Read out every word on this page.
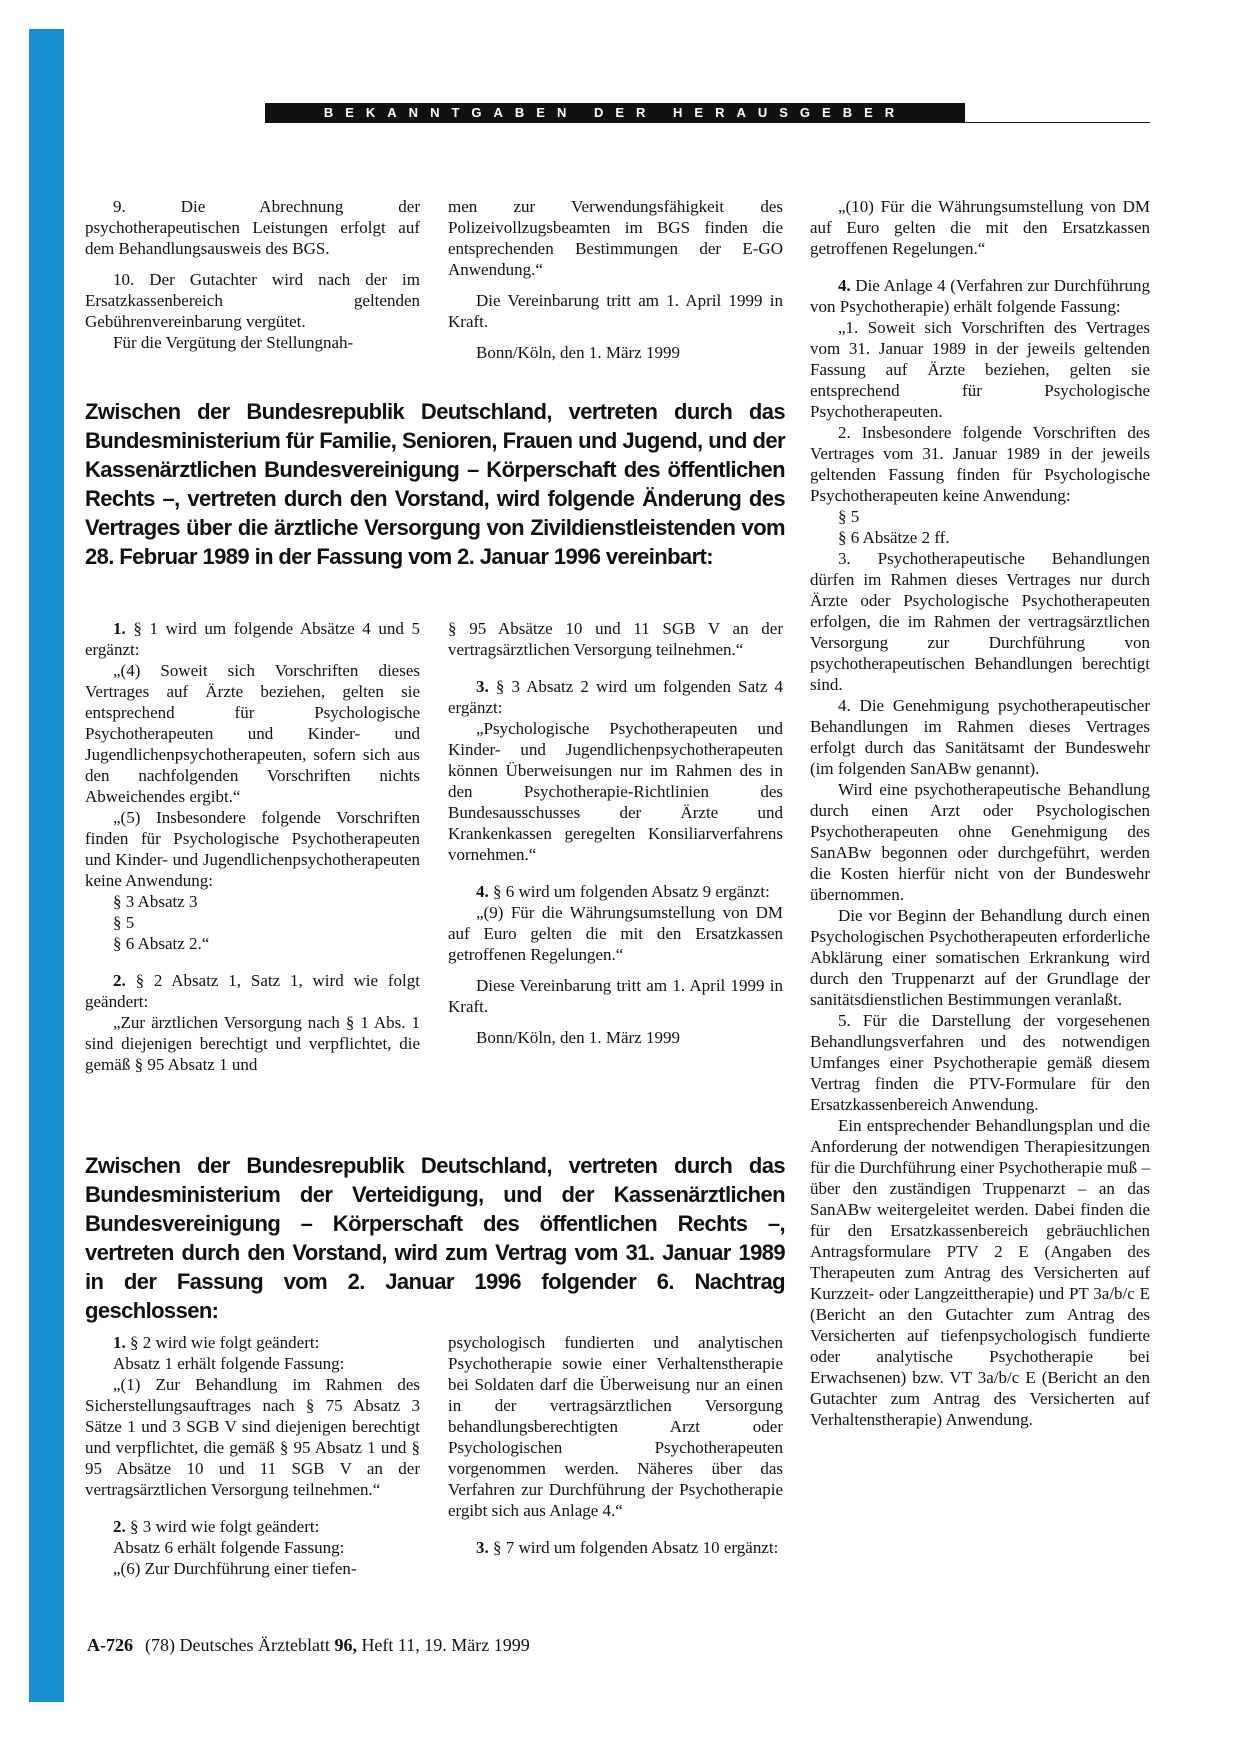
BEKANNTGABEN DER HERAUSGEBER

9. Die Abrechnung der psychotherapeutischen Leistungen erfolgt auf dem Behandlungsausweis des BGS.

10. Der Gutachter wird nach der im Ersatzkassenbereich geltenden Gebührenvereinbarung vergütet.

Für die Vergütung der Stellungnah-

men zur Verwendungsfähigkeit des Polizeivollzugsbeamten im BGS finden die entsprechenden Bestimmungen der E-GO Anwendung.“

Die Vereinbarung tritt am 1. April 1999 in Kraft.

Bonn/Köln, den 1. März 1999

Zwischen der Bundesrepublik Deutschland, vertreten durch das Bundesministerium für Familie, Senioren, Frauen und Jugend, und der Kassenärztlichen Bundesvereinigung – Körperschaft des öffentlichen Rechts –, vertreten durch den Vorstand, wird folgende Änderung des Vertrages über die ärztliche Versorgung von Zivildienstleistenden vom 28. Februar 1989 in der Fassung vom 2. Januar 1996 vereinbart:

1. § 1 wird um folgende Absätze 4 und 5 ergänzt:

„(4) Soweit sich Vorschriften dieses Vertrages auf Ärzte beziehen, gelten sie entsprechend für Psychologische Psychotherapeuten und Kinder- und Jugendlichenpsychotherapeuten, sofern sich aus den nachfolgenden Vorschriften nichts Abweichendes ergibt.“

„(5) Insbesondere folgende Vorschriften finden für Psychologische Psychotherapeuten und Kinder- und Jugendlichenpsychotherapeuten keine Anwendung:

§ 3 Absatz 3

§ 5

§ 6 Absatz 2.“

2. § 2 Absatz 1, Satz 1, wird wie folgt geändert:

„Zur ärztlichen Versorgung nach § 1 Abs. 1 sind diejenigen berechtigt und verpflichtet, die gemäß § 95 Absatz 1 und

§ 95 Absätze 10 und 11 SGB V an der vertragsärztlichen Versorgung teilnehmen.“

3. § 3 Absatz 2 wird um folgenden Satz 4 ergänzt:

„Psychologische Psychotherapeuten und Kinder- und Jugendlichenpsychotherapeuten können Überweisungen nur im Rahmen des in den Psychotherapie-Richtlinien des Bundesausschusses der Ärzte und Krankenkassen geregelten Konsiliarverfahrens vornehmen.“

4. § 6 wird um folgenden Absatz 9 ergänzt:

„(9) Für die Währungsumstellung von DM auf Euro gelten die mit den Ersatzkassen getroffenen Regelungen.“

Diese Vereinbarung tritt am 1. April 1999 in Kraft.

Bonn/Köln, den 1. März 1999

Zwischen der Bundesrepublik Deutschland, vertreten durch das Bundesministerium der Verteidigung, und der Kassenärztlichen Bundesvereinigung – Körperschaft des öffentlichen Rechts –, vertreten durch den Vorstand, wird zum Vertrag vom 31. Januar 1989 in der Fassung vom 2. Januar 1996 folgender 6. Nachtrag geschlossen:

1. § 2 wird wie folgt geändert:

Absatz 1 erhält folgende Fassung:

„(1) Zur Behandlung im Rahmen des Sicherstellungsauftrages nach § 75 Absatz 3 Sätze 1 und 3 SGB V sind diejenigen berechtigt und verpflichtet, die gemäß § 95 Absatz 1 und § 95 Absätze 10 und 11 SGB V an der vertragsärztlichen Versorgung teilnehmen.“

2. § 3 wird wie folgt geändert:

Absatz 6 erhält folgende Fassung:

„(6) Zur Durchführung einer tiefen-

psychologisch fundierten und analytischen Psychotherapie sowie einer Verhaltenstherapie bei Soldaten darf die Überweisung nur an einen in der vertragsärztlichen Versorgung behandlungsberechtigten Arzt oder Psychologischen Psychotherapeuten vorgenommen werden. Näheres über das Verfahren zur Durchführung der Psychotherapie ergibt sich aus Anlage 4.“

3. § 7 wird um folgenden Absatz 10 ergänzt:

„(10) Für die Währungsumstellung von DM auf Euro gelten die mit den Ersatzkassen getroffenen Regelungen.“

4. Die Anlage 4 (Verfahren zur Durchführung von Psychotherapie) erhält folgende Fassung:

„1. Soweit sich Vorschriften des Vertrages vom 31. Januar 1989 in der jeweils geltenden Fassung auf Ärzte beziehen, gelten sie entsprechend für Psychologische Psychotherapeuten.

2. Insbesondere folgende Vorschriften des Vertrages vom 31. Januar 1989 in der jeweils geltenden Fassung finden für Psychologische Psychotherapeuten keine Anwendung:

§ 5

§ 6 Absätze 2 ff.

3. Psychotherapeutische Behandlungen dürfen im Rahmen dieses Vertrages nur durch Ärzte oder Psychologische Psychotherapeuten erfolgen, die im Rahmen der vertragsärztlichen Versorgung zur Durchführung von psychotherapeutischen Behandlungen berechtigt sind.

4. Die Genehmigung psychotherapeutischer Behandlungen im Rahmen dieses Vertrages erfolgt durch das Sanitätsamt der Bundeswehr (im folgenden SanABw genannt).

Wird eine psychotherapeutische Behandlung durch einen Arzt oder Psychologischen Psychotherapeuten ohne Genehmigung des SanABw begonnen oder durchgeführt, werden die Kosten hierfür nicht von der Bundeswehr übernommen.

Die vor Beginn der Behandlung durch einen Psychologischen Psychotherapeuten erforderliche Abklärung einer somatischen Erkrankung wird durch den Truppenarzt auf der Grundlage der sanitätsdienstlichen Bestimmungen veranlaßt.

5. Für die Darstellung der vorgesehenen Behandlungsverfahren und des notwendigen Umfanges einer Psychotherapie gemäß diesem Vertrag finden die PTV-Formulare für den Ersatzkassenbereich Anwendung.

Ein entsprechender Behandlungsplan und die Anforderung der notwendigen Therapiesitzungen für die Durchführung einer Psychotherapie muß – über den zuständigen Truppenarzt – an das SanABw weitergeleitet werden. Dabei finden die für den Ersatzkassenbereich gebräuchlichen Antragsformulare PTV 2 E (Angaben des Therapeuten zum Antrag des Versicherten auf Kurzzeit- oder Langzeittherapie) und PT 3a/b/c E (Bericht an den Gutachter zum Antrag des Versicherten auf tiefenpsychologisch fundierte oder analytische Psychotherapie bei Erwachsenen) bzw. VT 3a/b/c E (Bericht an den Gutachter zum Antrag des Versicherten auf Verhaltenstherapie) Anwendung.

A-726 (78) Deutsches Ärzteblatt 96, Heft 11, 19. März 1999
